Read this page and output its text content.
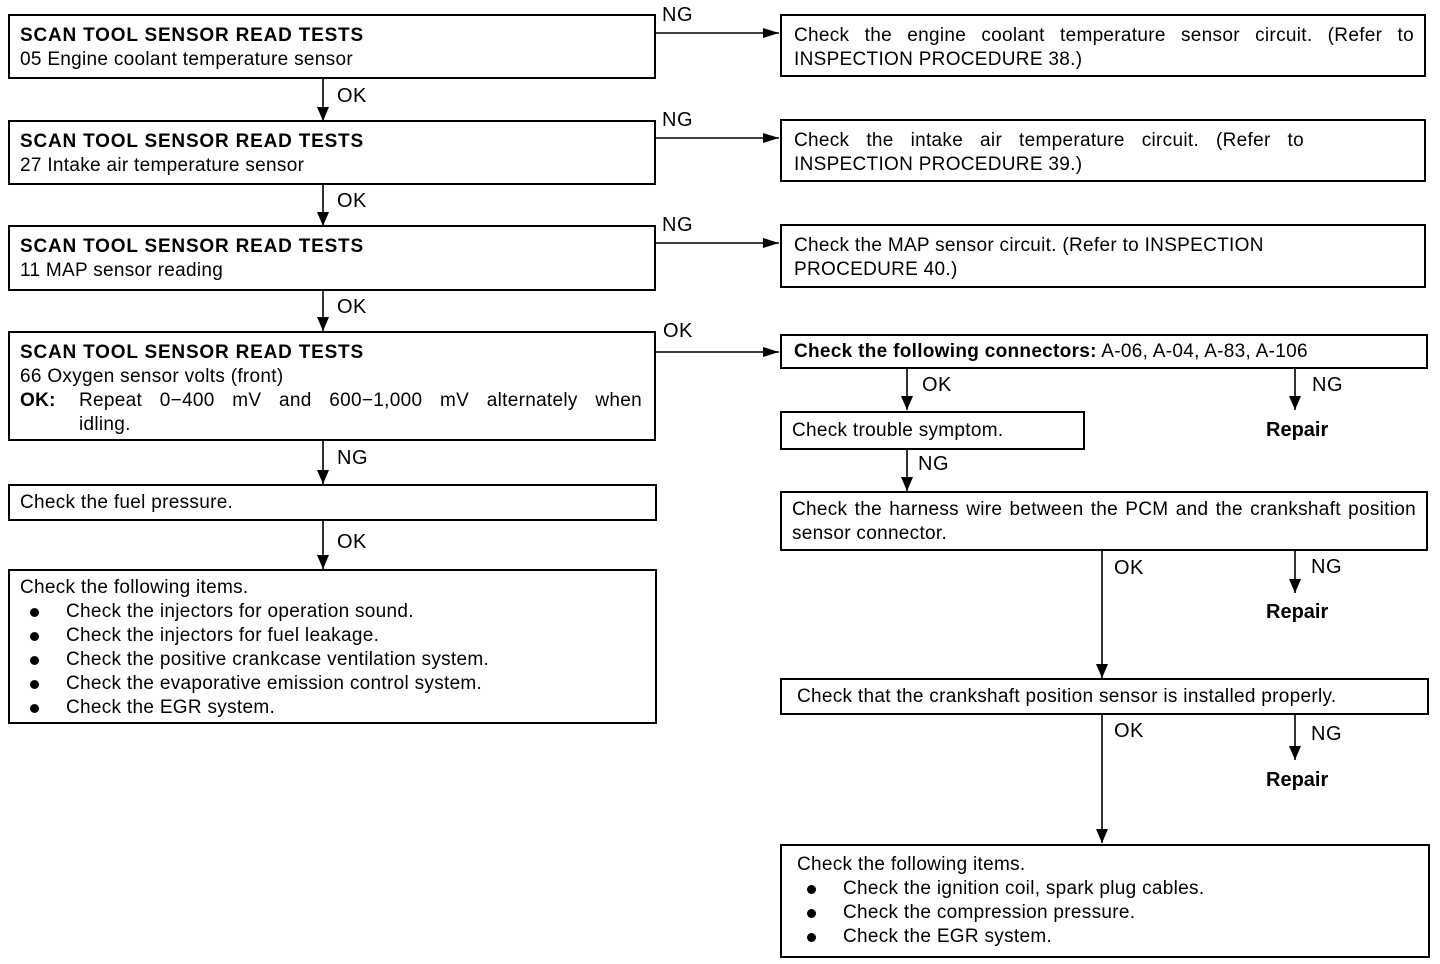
SCAN TOOL SENSOR READ TESTS
05 Engine coolant temperature sensor
SCAN TOOL SENSOR READ TESTS
27 Intake air temperature sensor
SCAN TOOL SENSOR READ TESTS
11 MAP sensor reading
SCAN TOOL SENSOR READ TESTS
66 Oxygen sensor volts (front)
OK:	Repeat 0−400 mV and 600−1,000 mV alternately when
idling.
Check the fuel pressure.
Check the following items.
Check the injectors for operation sound.
Check the injectors for fuel leakage.
Check the positive crankcase ventilation system.
Check the evaporative emission control system.
Check the EGR system.
Check the engine coolant temperature sensor circuit. (Refer to INSPECTION PROCEDURE 38.)
Check the intake air temperature circuit. (Refer to INSPECTION PROCEDURE 39.)
Check the MAP sensor circuit. (Refer to INSPECTION PROCEDURE 40.)
Check the following connectors: A-06, A-04, A-83, A-106
Check trouble symptom.
Check the harness wire between the PCM and the crankshaft position sensor connector.
Check that the crankshaft position sensor is installed properly.
Check the following items.
Check the ignition coil, spark plug cables.
Check the compression pressure.
Check the EGR system.
NG
NG
NG
OK
OK
OK
OK
NG
OK
OK	NG
Repair
NG
OK	NG
Repair
OK	NG
Repair
